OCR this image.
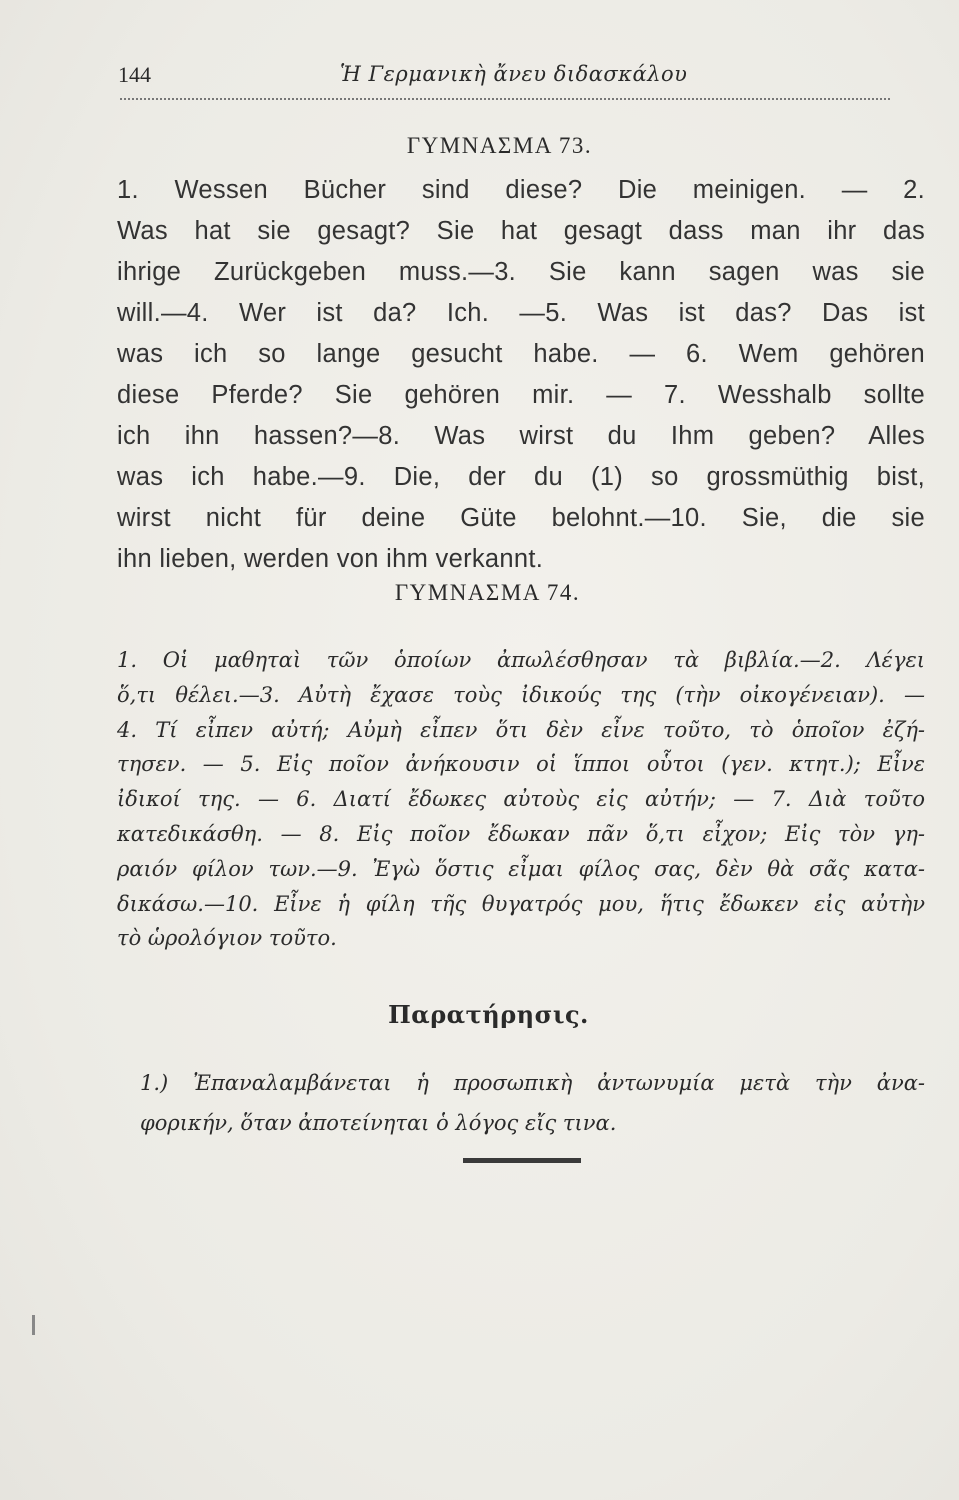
144	Ἡ Γερμανικὴ ἄνευ διδασκάλου
ΓΥΜΝΑΣΜΑ 73.
1. Wessen Bücher sind diese? Die meinigen. — 2.
Was hat sie gesagt? Sie hat gesagt dass man ihr das
ihrige Zurückgeben muss.—3. Sie kann sagen was sie
will.—4. Wer ist da? Ich. —5. Was ist das? Das ist
was ich so lange gesucht habe. — 6. Wem gehören
diese Pferde? Sie gehören mir. — 7. Wesshalb sollte
ich ihn hassen?—8. Was wirst du Ihm geben? Alles
was ich habe.—9. Die, der du (1) so grossmüthig bist,
wirst nicht für deine Güte belohnt.—10. Sie, die sie
ihn lieben, werden von ihm verkannt.
ΓΥΜΝΑΣΜΑ 74.
1. Οἱ μαθηταὶ τῶν ὁποίων ἀπωλέσθησαν τὰ βιβλία.—2. Λέγει
ὅ,τι θέλει.—3. Αὐτὴ ἔχασε τοὺς ἰδικούς της (τὴν οἰκογένειαν). —
4. Τί εἶπεν αὐτή; Αὐμὴ εἶπεν ὅτι δὲν εἶνε τοῦτο, τὸ ὁποῖον ἐζή-
τησεν. — 5. Εἰς ποῖον ἀνήκουσιν οἱ ἵπποι οὗτοι (γεν. κτητ.); Εἶνε
ἰδικοί της. — 6. Διατί ἔδωκες αὐτοὺς εἰς αὐτήν; — 7. Διὰ τοῦτο
κατεδικάσθη. — 8. Εἰς ποῖον ἔδωκαν πᾶν ὅ,τι εἶχον; Εἰς τὸν γη-
ραιόν φίλον των.—9. Ἐγὼ ὅστις εἶμαι φίλος σας, δὲν θὰ σᾶς κατα-
δικάσω.—10. Εἶνε ἡ φίλη τῆς θυγατρός μου, ἥτις ἔδωκεν εἰς αὐτὴν
τὸ ὡρολόγιον τοῦτο.
Παρατήρησις.
1.) Ἐπαναλαμβάνεται ἡ προσωπικὴ ἀντωνυμία μετὰ τὴν ἀνα-
φορικήν, ὅταν ἀποτείνηται ὁ λόγος εἴς τινα.
